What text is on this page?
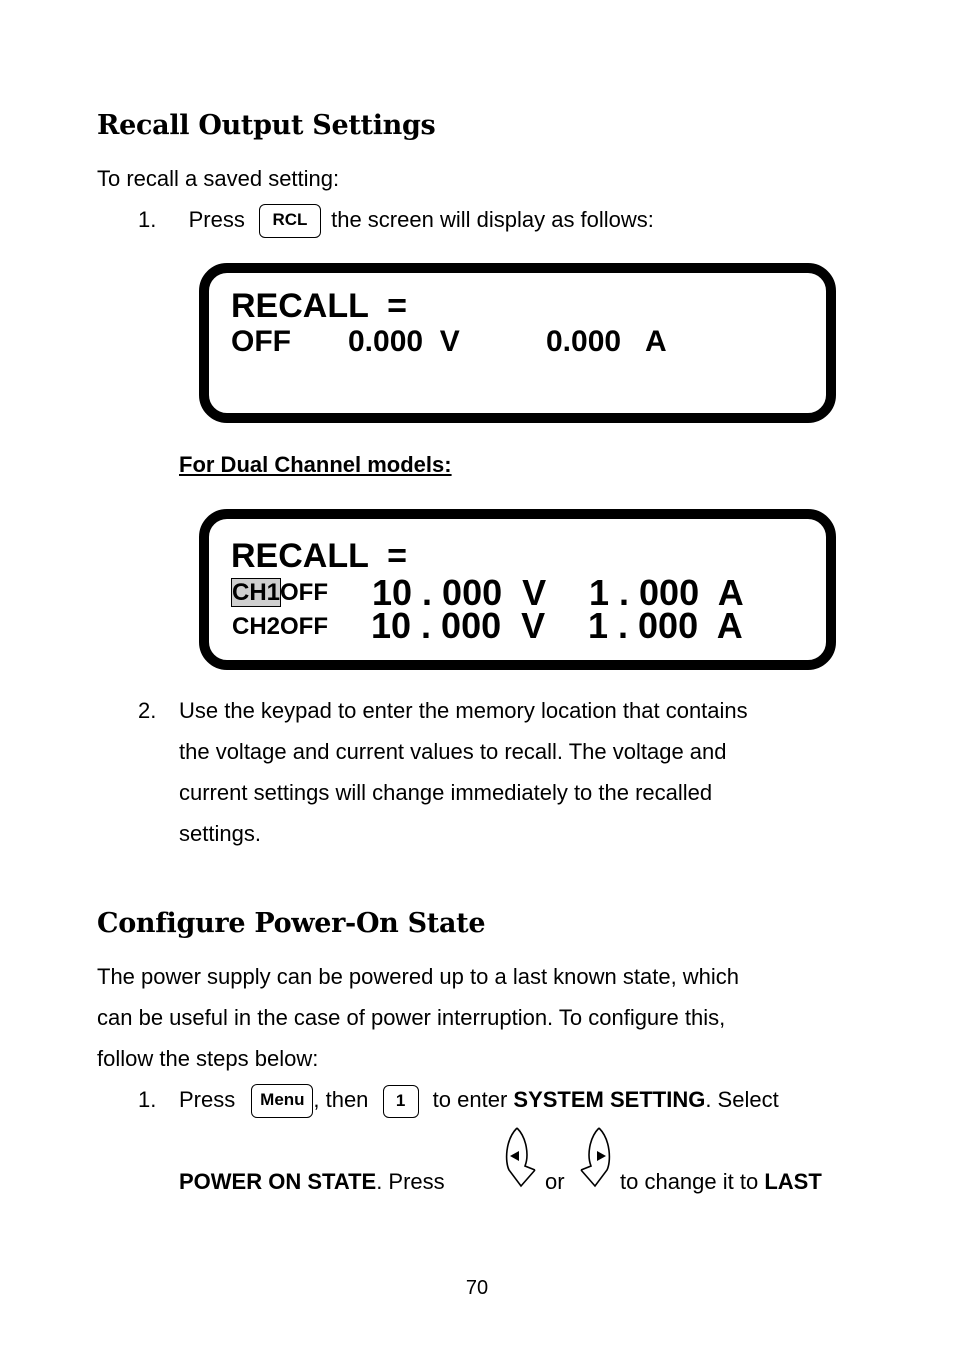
Recall Output Settings
To recall a saved setting:
1. Press RCL the screen will display as follows:
RECALL  =
OFF 0.000  V	0.000   A
For Dual Channel models:
RECALL  =
CH1OFF 10 . 000  V 1 . 000  A
CH2OFF 10 . 000  V 1 . 000  A
2. Use the keypad to enter the memory location that contains
the voltage and current values to recall. The voltage and
current settings will change immediately to the recalled
settings.
Configure Power-On State
The power supply can be powered up to a last known state, which
can be useful in the case of power interruption. To configure this,
follow the steps below:
1. Press Menu , then 1 to enter SYSTEM SETTING. Select
POWER ON STATE. Press	or	to change it to LAST
70
